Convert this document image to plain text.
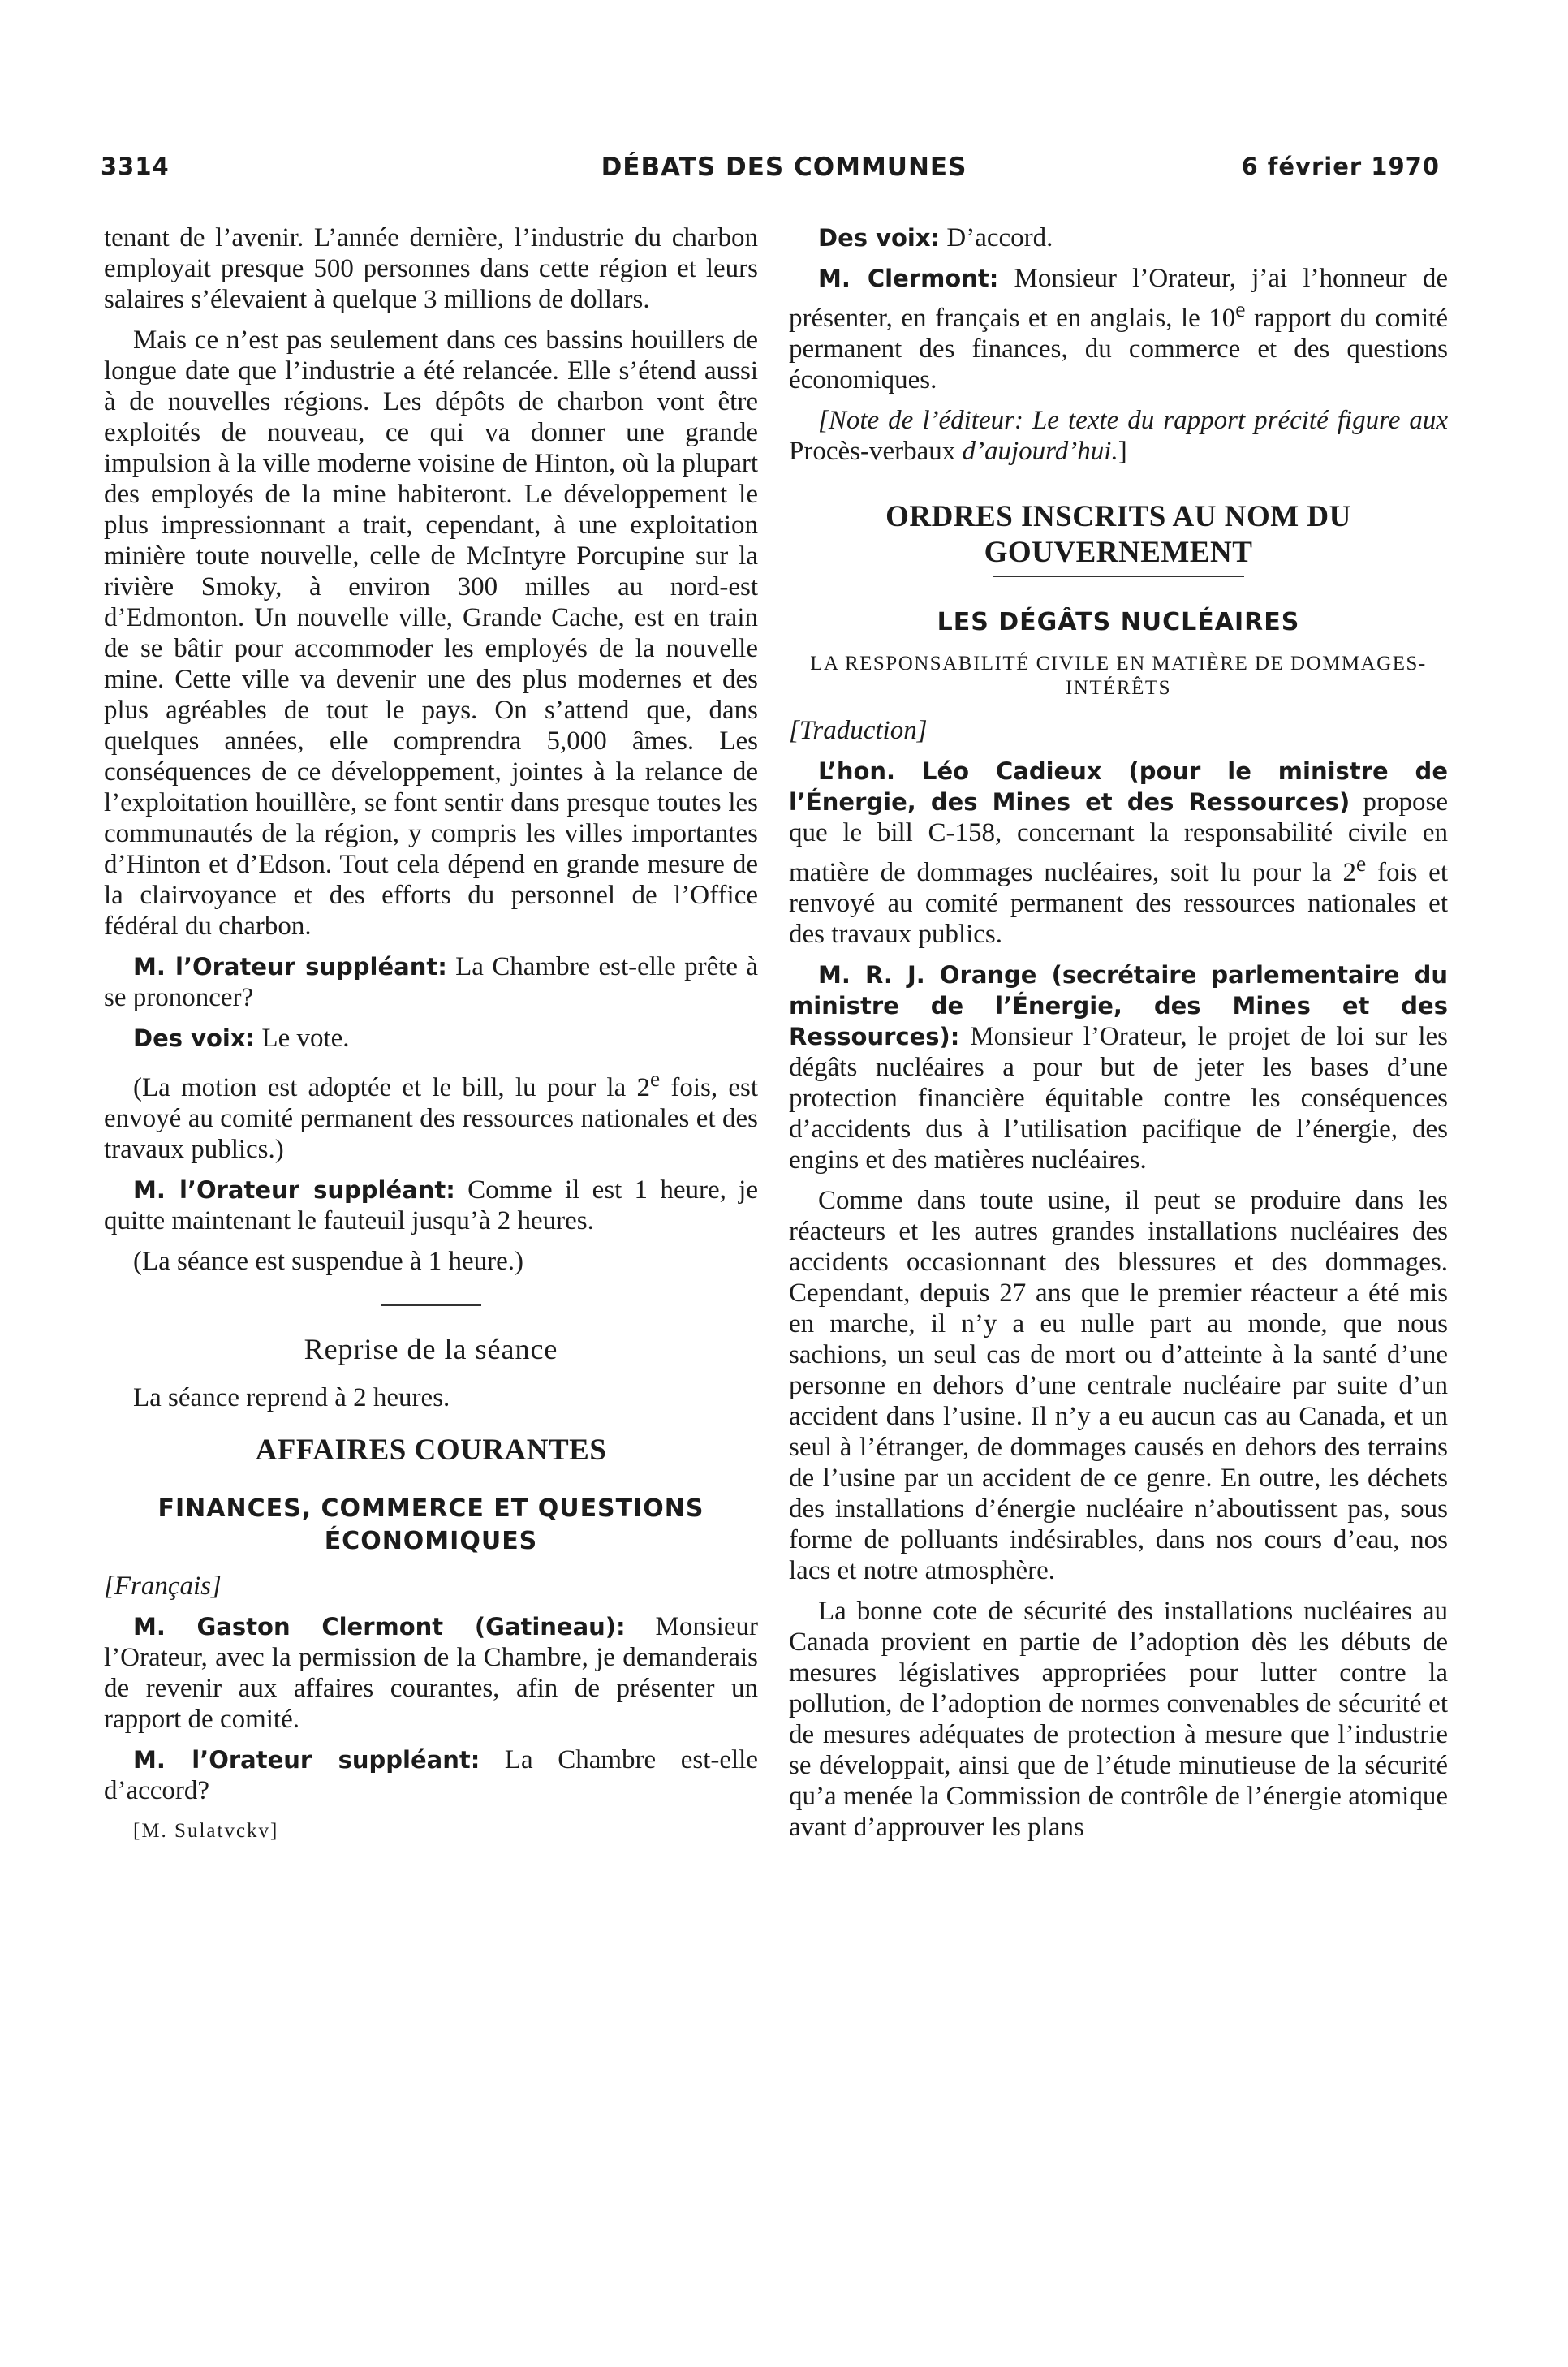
3314	DÉBATS DES COMMUNES	6 février 1970

tenant de l’avenir. L’année dernière, l’industrie du charbon employait presque 500 personnes dans cette région et leurs salaires s’élevaient à quelque 3 millions de dollars.

Mais ce n’est pas seulement dans ces bassins houillers de longue date que l’industrie a été relancée. Elle s’étend aussi à de nouvelles régions. Les dépôts de charbon vont être exploités de nouveau, ce qui va donner une grande impulsion à la ville moderne voisine de Hinton, où la plupart des employés de la mine habiteront. Le développement le plus impressionnant a trait, cependant, à une exploitation minière toute nouvelle, celle de McIntyre Porcupine sur la rivière Smoky, à environ 300 milles au nord-est d’Edmonton. Un nouvelle ville, Grande Cache, est en train de se bâtir pour accommoder les employés de la nouvelle mine. Cette ville va devenir une des plus modernes et des plus agréables de tout le pays. On s’attend que, dans quelques années, elle comprendra 5,000 âmes. Les conséquences de ce développement, jointes à la relance de l’exploitation houillère, se font sentir dans presque toutes les communautés de la région, y compris les villes importantes d’Hinton et d’Edson. Tout cela dépend en grande mesure de la clairvoyance et des efforts du personnel de l’Office fédéral du charbon.

M. l’Orateur suppléant: La Chambre est-elle prête à se prononcer?

Des voix: Le vote.

(La motion est adoptée et le bill, lu pour la 2e fois, est envoyé au comité permanent des ressources nationales et des travaux publics.)

M. l’Orateur suppléant: Comme il est 1 heure, je quitte maintenant le fauteuil jusqu’à 2 heures.

(La séance est suspendue à 1 heure.)

Reprise de la séance

La séance reprend à 2 heures.

AFFAIRES COURANTES
FINANCES, COMMERCE ET QUESTIONS ÉCONOMIQUES

[Français]

M. Gaston Clermont (Gatineau): Monsieur l’Orateur, avec la permission de la Chambre, je demanderais de revenir aux affaires courantes, afin de présenter un rapport de comité.

M. l’Orateur suppléant: La Chambre est-elle d’accord?

[M. Sulatvckv]

Des voix: D’accord.

M. Clermont: Monsieur l’Orateur, j’ai l’honneur de présenter, en français et en anglais, le 10e rapport du comité permanent des finances, du commerce et des questions économiques.

[Note de l’éditeur: Le texte du rapport précité figure aux Procès-verbaux d’aujourd’hui.]

ORDRES INSCRITS AU NOM DU GOUVERNEMENT
LES DÉGÂTS NUCLÉAIRES
LA RESPONSABILITÉ CIVILE EN MATIÈRE DE DOMMAGES-INTÉRÊTS

[Traduction]

L’hon. Léo Cadieux (pour le ministre de l’Énergie, des Mines et des Ressources) propose que le bill C-158, concernant la responsabilité civile en matière de dommages nucléaires, soit lu pour la 2e fois et renvoyé au comité permanent des ressources nationales et des travaux publics.

M. R. J. Orange (secrétaire parlementaire du ministre de l’Énergie, des Mines et des Ressources): Monsieur l’Orateur, le projet de loi sur les dégâts nucléaires a pour but de jeter les bases d’une protection financière équitable contre les conséquences d’accidents dus à l’utilisation pacifique de l’énergie, des engins et des matières nucléaires.

Comme dans toute usine, il peut se produire dans les réacteurs et les autres grandes installations nucléaires des accidents occasionnant des blessures et des dommages. Cependant, depuis 27 ans que le premier réacteur a été mis en marche, il n’y a eu nulle part au monde, que nous sachions, un seul cas de mort ou d’atteinte à la santé d’une personne en dehors d’une centrale nucléaire par suite d’un accident dans l’usine. Il n’y a eu aucun cas au Canada, et un seul à l’étranger, de dommages causés en dehors des terrains de l’usine par un accident de ce genre. En outre, les déchets des installations d’énergie nucléaire n’aboutissent pas, sous forme de polluants indésirables, dans nos cours d’eau, nos lacs et notre atmosphère.

La bonne cote de sécurité des installations nucléaires au Canada provient en partie de l’adoption dès les débuts de mesures législatives appropriées pour lutter contre la pollution, de l’adoption de normes convenables de sécurité et de mesures adéquates de protection à mesure que l’industrie se développait, ainsi que de l’étude minutieuse de la sécurité qu’a menée la Commission de contrôle de l’énergie atomique avant d’approuver les plans
